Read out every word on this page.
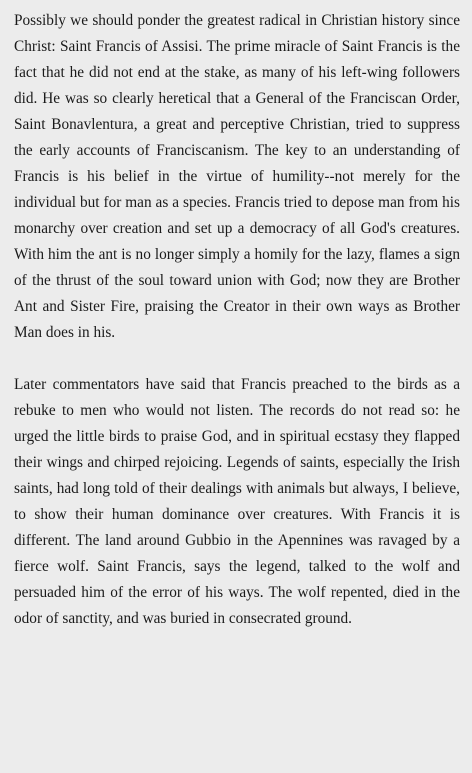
Possibly we should ponder the greatest radical in Christian history since Christ: Saint Francis of Assisi. The prime miracle of Saint Francis is the fact that he did not end at the stake, as many of his left-wing followers did. He was so clearly heretical that a General of the Franciscan Order, Saint Bonavlentura, a great and perceptive Christian, tried to suppress the early accounts of Franciscanism. The key to an understanding of Francis is his belief in the virtue of humility--not merely for the individual but for man as a species. Francis tried to depose man from his monarchy over creation and set up a democracy of all God's creatures. With him the ant is no longer simply a homily for the lazy, flames a sign of the thrust of the soul toward union with God; now they are Brother Ant and Sister Fire, praising the Creator in their own ways as Brother Man does in his.

Later commentators have said that Francis preached to the birds as a rebuke to men who would not listen. The records do not read so: he urged the little birds to praise God, and in spiritual ecstasy they flapped their wings and chirped rejoicing. Legends of saints, especially the Irish saints, had long told of their dealings with animals but always, I believe, to show their human dominance over creatures. With Francis it is different. The land around Gubbio in the Apennines was ravaged by a fierce wolf. Saint Francis, says the legend, talked to the wolf and persuaded him of the error of his ways. The wolf repented, died in the odor of sanctity, and was buried in consecrated ground.
